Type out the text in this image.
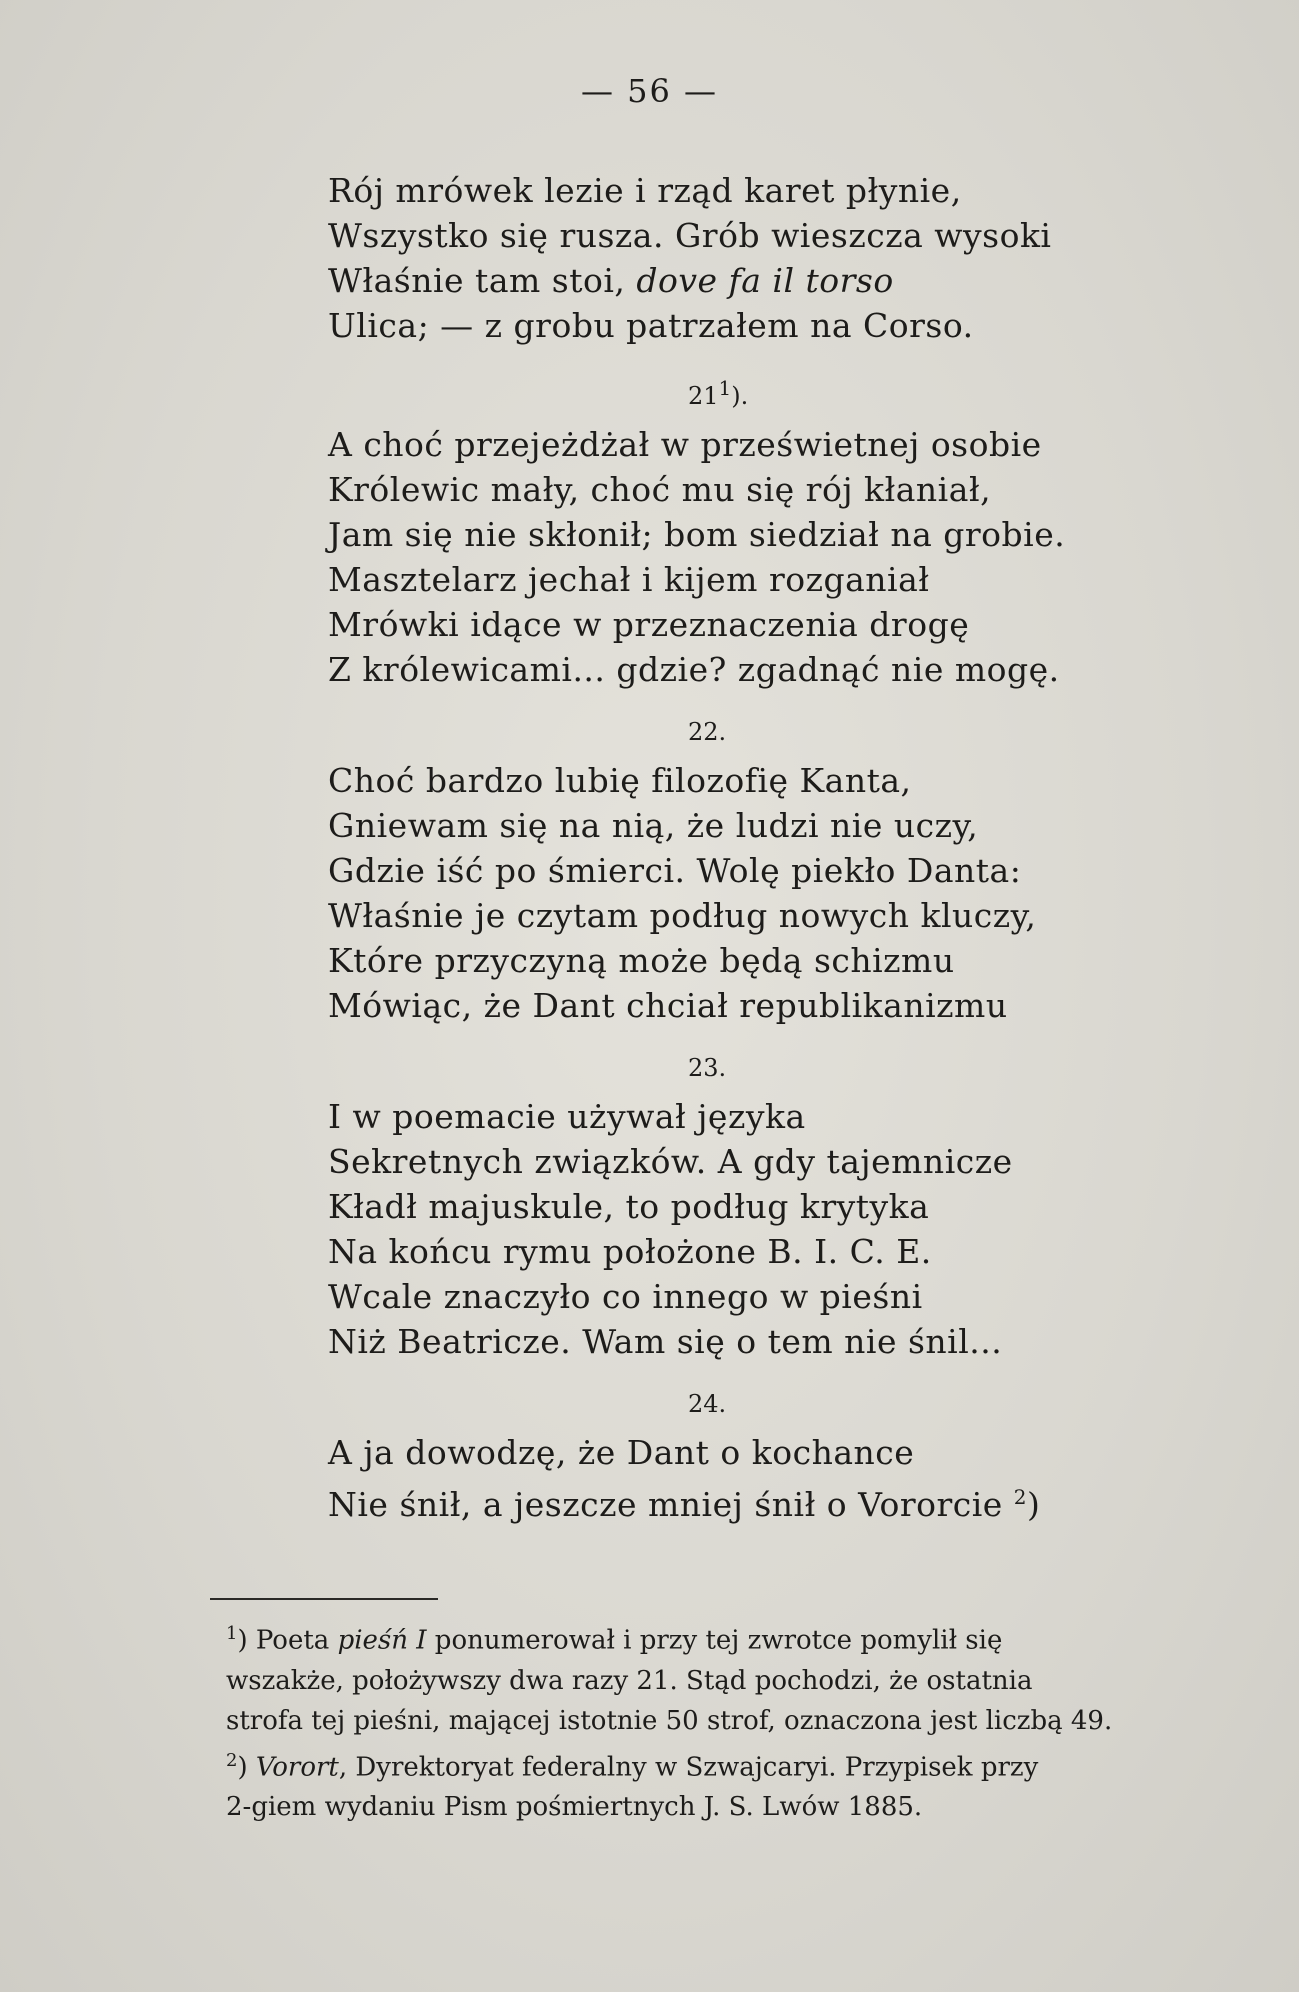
— 56 —
Rój mrówek lezie i rząd karet płynie,
Wszystko się rusza. Grób wieszcza wysoki
Właśnie tam stoi, dove fa il torso
Ulica; — z grobu patrzałem na Corso.
$21^1$).
A choć przejeżdżał w prześwietnej osobie
Królewic mały, choć mu się rój kłaniał,
Jam się nie skłonił; bom siedział na grobie.
Masztelarz jechał i kijem rozganiał
Mrówki idące w przeznaczenia drogę
Z królewicami... gdzie? zgadnąć nie mogę.
22.
Choć bardzo lubię filozofię Kanta,
Gniewam się na nią, że ludzi nie uczy,
Gdzie iść po śmierci. Wolę piekło Danta:
Właśnie je czytam podług nowych kluczy,
Które przyczyną może będą schizmu
Mówiąc, że Dant chciał republikanizmu
23.
I w poemacie używał języka
Sekretnych związków. A gdy tajemnicze
Kładł majuskule, to podług krytyka
Na końcu rymu położone B. I. C. E.
Wcale znaczyło co innego w pieśni
Niż Beatricze. Wam się o tem nie śnil...
24.
A ja dowodzę, że Dant o kochance
Nie śnił, a jeszcze mniej śnił o Vororcie $^2$)
$^1$) Poeta pieśń I ponumerował i przy tej zwrotce pomylił się
wszakże, położywszy dwa razy 21. Stąd pochodzi, że ostatnia
strofa tej pieśni, mającej istotnie 50 strof, oznaczona jest liczbą 49.
$^2$) Vorort, Dyrektoryat federalny w Szwajcaryi. Przypisek przy
2-giem wydaniu Pism pośmiertnych J. S. Lwów 1885.
